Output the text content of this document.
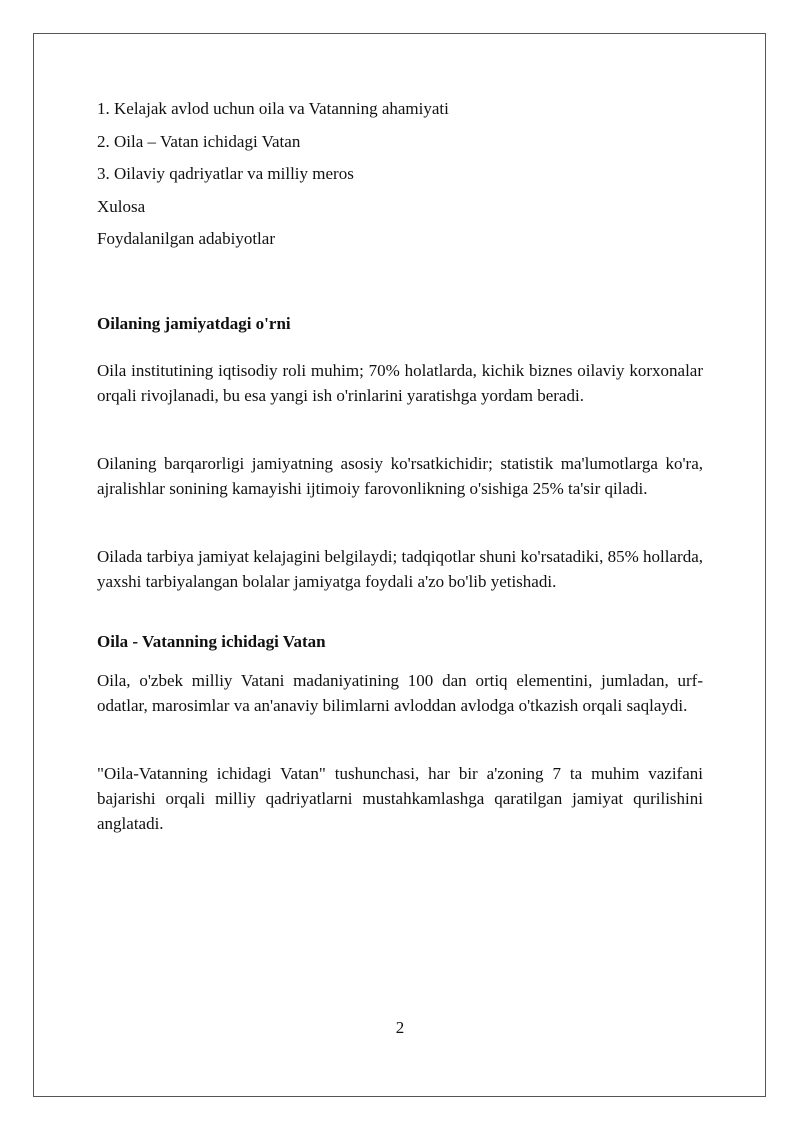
1. Kelajak avlod uchun oila va Vatanning ahamiyati

2. Oila – Vatan ichidagi Vatan

3. Oilaviy qadriyatlar va milliy meros

Xulosa

Foydalanilgan adabiyotlar

Oilaning jamiyatdagi o'rni

Oila institutining iqtisodiy roli muhim; 70% holatlarda, kichik biznes oilaviy korxonalar orqali rivojlanadi, bu esa yangi ish o'rinlarini yaratishga yordam beradi.

Oilaning barqarorligi jamiyatning asosiy ko'rsatkichidir; statistik ma'lumotlarga ko'ra, ajralishlar sonining kamayishi ijtimoiy farovonlikning o'sishiga 25% ta'sir qiladi.

Oilada tarbiya jamiyat kelajagini belgilaydi; tadqiqotlar shuni ko'rsatadiki, 85% hollarda, yaxshi tarbiyalangan bolalar jamiyatga foydali a'zo bo'lib yetishadi.

Oila - Vatanning ichidagi Vatan

Oila, o'zbek milliy Vatani madaniyatining 100 dan ortiq elementini, jumladan, urf-odatlar, marosimlar va an'anaviy bilimlarni avloddan avlodga o'tkazish orqali saqlaydi.

"Oila-Vatanning ichidagi Vatan" tushunchasi, har bir a'zoning 7 ta muhim vazifani bajarishi orqali milliy qadriyatlarni mustahkamlashga qaratilgan jamiyat qurilishini anglatadi.

2
